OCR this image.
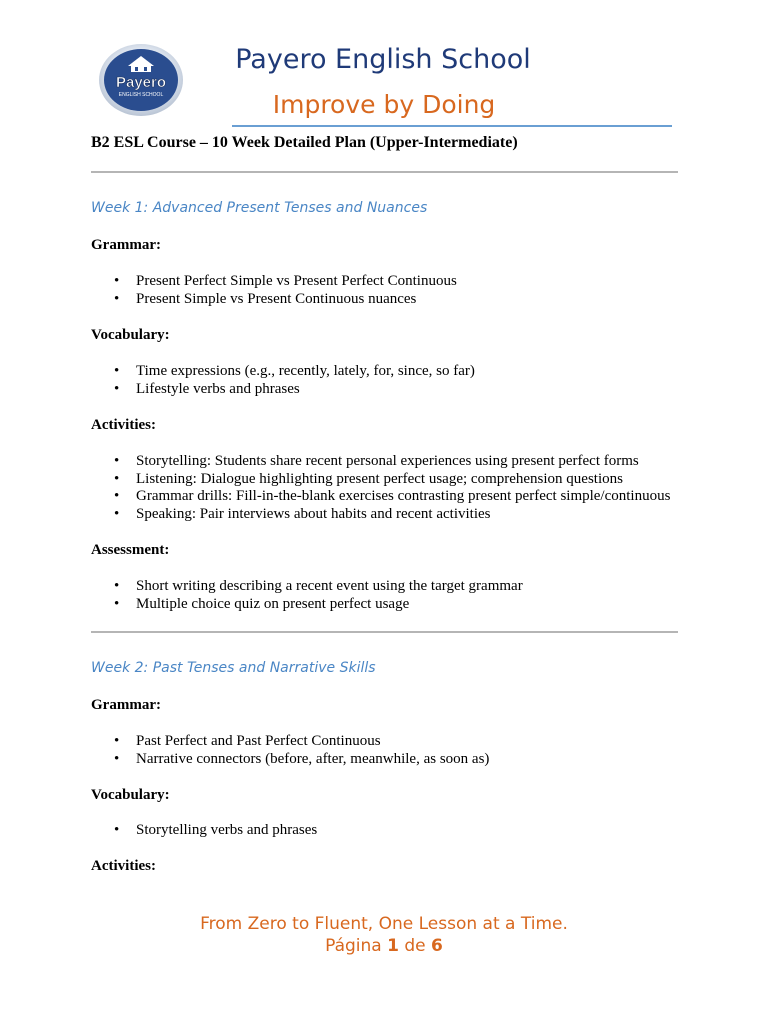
Payero
ENGLISH SCHOOL
Payero English School
Improve by Doing
B2 ESL Course – 10 Week Detailed Plan (Upper-Intermediate)
Week 1: Advanced Present Tenses and Nuances
Grammar:
• Present Perfect Simple vs Present Perfect Continuous
• Present Simple vs Present Continuous nuances
Vocabulary:
• Time expressions (e.g., recently, lately, for, since, so far)
• Lifestyle verbs and phrases
Activities:
• Storytelling: Students share recent personal experiences using present perfect forms
• Listening: Dialogue highlighting present perfect usage; comprehension questions
• Grammar drills: Fill-in-the-blank exercises contrasting present perfect simple/continuous
• Speaking: Pair interviews about habits and recent activities
Assessment:
• Short writing describing a recent event using the target grammar
• Multiple choice quiz on present perfect usage
Week 2: Past Tenses and Narrative Skills
Grammar:
• Past Perfect and Past Perfect Continuous
• Narrative connectors (before, after, meanwhile, as soon as)
Vocabulary:
• Storytelling verbs and phrases
Activities:
From Zero to Fluent, One Lesson at a Time.
Página 1 de 6
